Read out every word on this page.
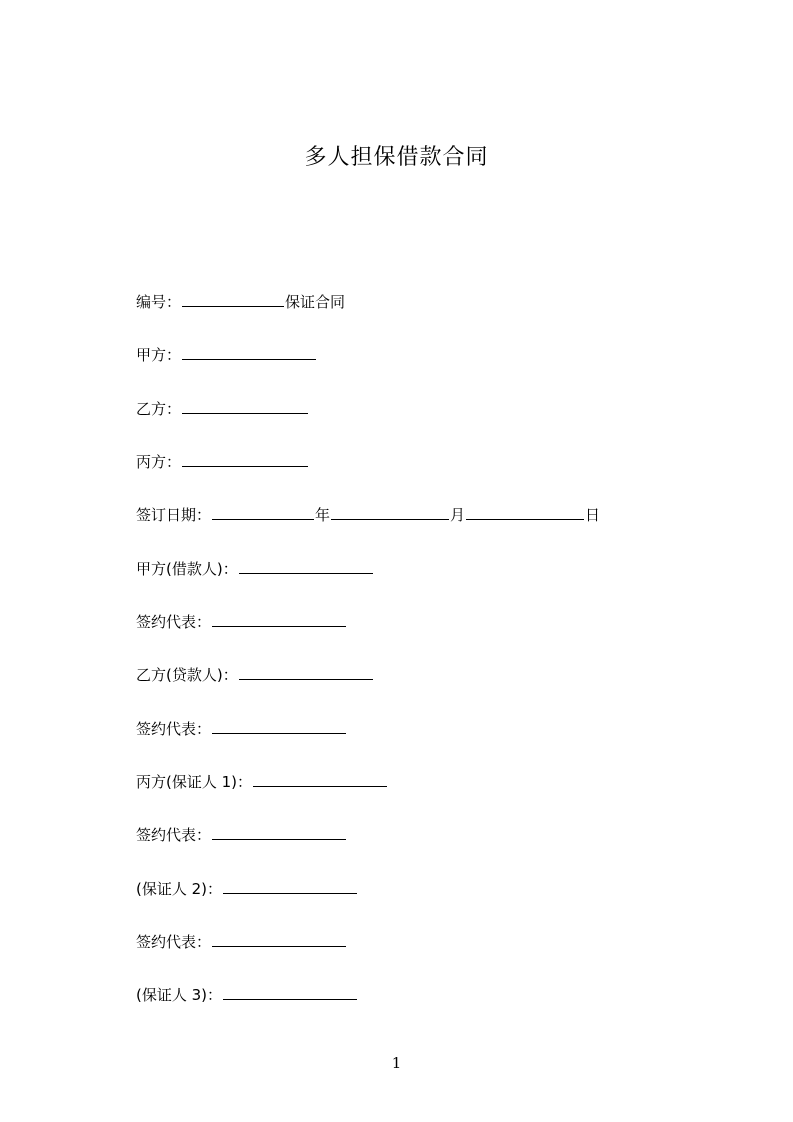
多人担保借款合同
编号：	保证合同
甲方：
乙方：
丙方：
签订日期：	年	月	日
甲方(借款人)：
签约代表：
乙方(贷款人)：
签约代表：
丙方(保证人 1)：
签约代表：
(保证人 2)：
签约代表：
(保证人 3)：
1
